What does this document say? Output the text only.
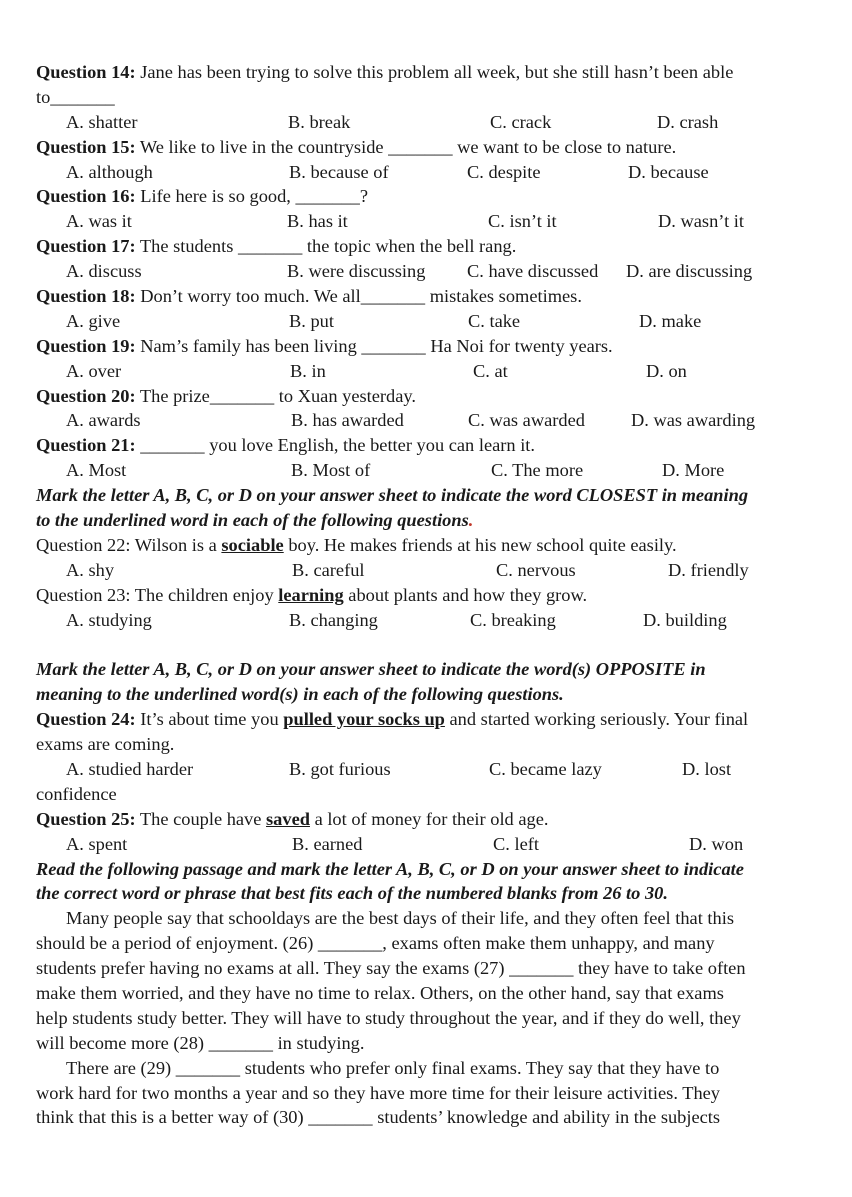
Question 14: Jane has been trying to solve this problem all week, but she still hasn’t been able
to_______
A. shatter	B. break	C. crack	D. crash
Question 15: We like to live in the countryside _______ we want to be close to nature.
A. although	B. because of	C. despite	D. because
Question 16: Life here is so good, _______?
A. was it	B. has it	C. isn’t it	D. wasn’t it
Question 17: The students _______ the topic when the bell rang.
A. discuss	B. were discussing C. have discussed D. are discussing
Question 18: Don’t worry too much. We all_______ mistakes sometimes.
A. give	B. put	C. take	D. make
Question 19: Nam’s family has been living _______ Ha Noi for twenty years.
A. over	B. in	C. at	D. on
Question 20: The prize_______ to Xuan yesterday.
A. awards	B. has awarded	C. was awarded	D. was awarding
Question 21: _______ you love English, the better you can learn it.
A. Most	B. Most of	C. The more	D. More
Mark the letter A, B, C, or D on your answer sheet to indicate the word CLOSEST in meaning
to the underlined word in each of the following questions.
Question 22: Wilson is a sociable boy. He makes friends at his new school quite easily.
A. shy	B. careful	C. nervous	D. friendly
Question 23: The children enjoy learning about plants and how they grow.
A. studying	B. changing	C. breaking	D. building
Mark the letter A, B, C, or D on your answer sheet to indicate the word(s) OPPOSITE in
meaning to the underlined word(s) in each of the following questions.
Question 24: It’s about time you pulled your socks up and started working seriously. Your final
exams are coming.
A. studied harder	B. got furious	C. became lazy	D. lost
confidence
Question 25: The couple have saved a lot of money for their old age.
A. spent	B. earned	C. left	D. won
Read the following passage and mark the letter A, B, C, or D on your answer sheet to indicate
the correct word or phrase that best fits each of the numbered blanks from 26 to 30.
Many people say that schooldays are the best days of their life, and they often feel that this
should be a period of enjoyment. (26) _______, exams often make them unhappy, and many
students prefer having no exams at all. They say the exams (27) _______ they have to take often
make them worried, and they have no time to relax. Others, on the other hand, say that exams
help students study better. They will have to study throughout the year, and if they do well, they
will become more (28) _______ in studying.
There are (29) _______ students who prefer only final exams. They say that they have to
work hard for two months a year and so they have more time for their leisure activities. They
think that this is a better way of (30) _______ students’ knowledge and ability in the subjects
